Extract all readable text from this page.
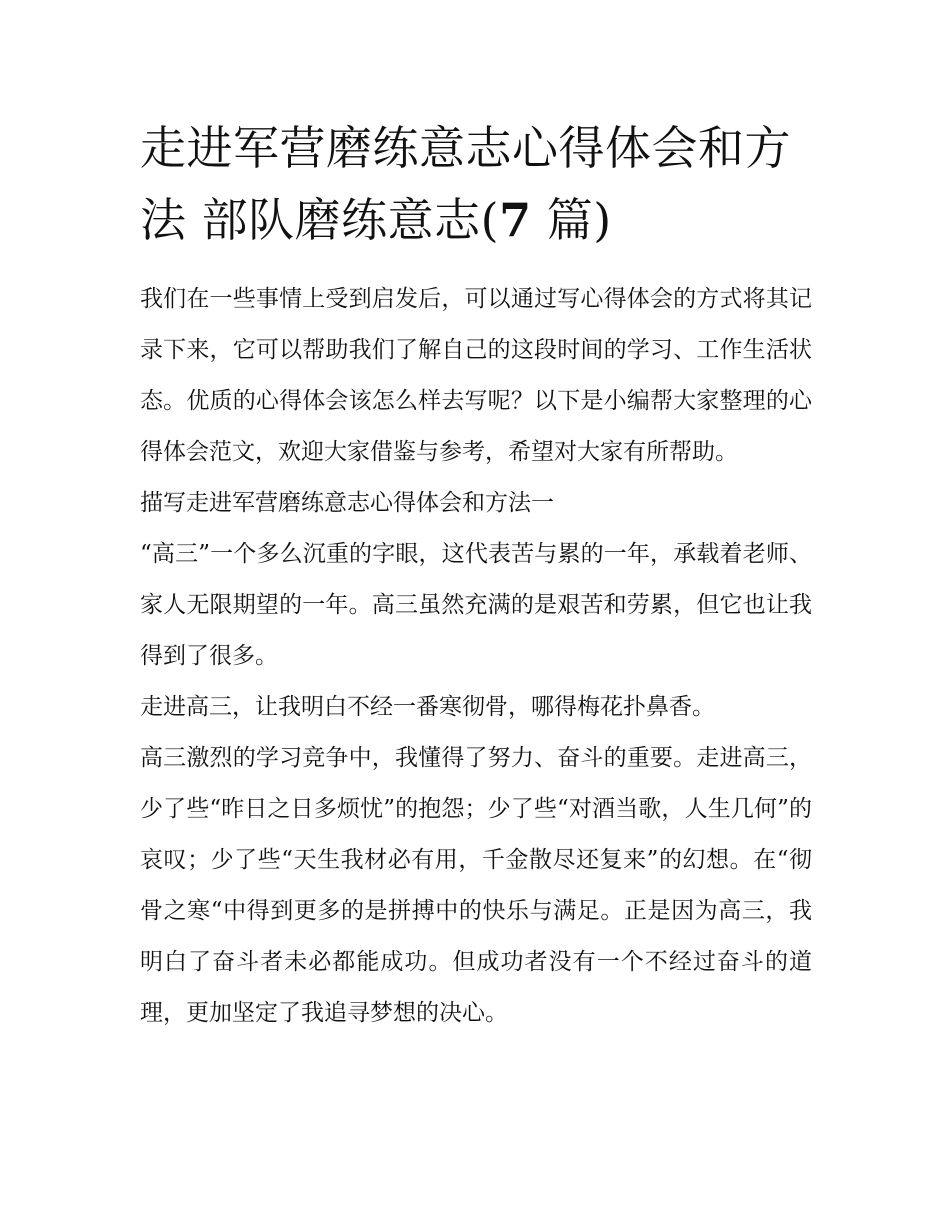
走进军营磨练意志心得体会和方法 部队磨练意志(7 篇)

我们在一些事情上受到启发后，可以通过写心得体会的方式将其记录下来，它可以帮助我们了解自己的这段时间的学习、工作生活状态。优质的心得体会该怎么样去写呢？以下是小编帮大家整理的心得体会范文，欢迎大家借鉴与参考，希望对大家有所帮助。

描写走进军营磨练意志心得体会和方法一

“高三”一个多么沉重的字眼，这代表苦与累的一年，承载着老师、家人无限期望的一年。高三虽然充满的是艰苦和劳累，但它也让我得到了很多。

走进高三，让我明白不经一番寒彻骨，哪得梅花扑鼻香。

高三激烈的学习竞争中，我懂得了努力、奋斗的重要。走进高三，少了些“昨日之日多烦忧”的抱怨；少了些“对酒当歌，人生几何”的哀叹；少了些“天生我材必有用，千金散尽还复来”的幻想。在“彻骨之寒“中得到更多的是拼搏中的快乐与满足。正是因为高三，我明白了奋斗者未必都能成功。但成功者没有一个不经过奋斗的道理，更加坚定了我追寻梦想的决心。
